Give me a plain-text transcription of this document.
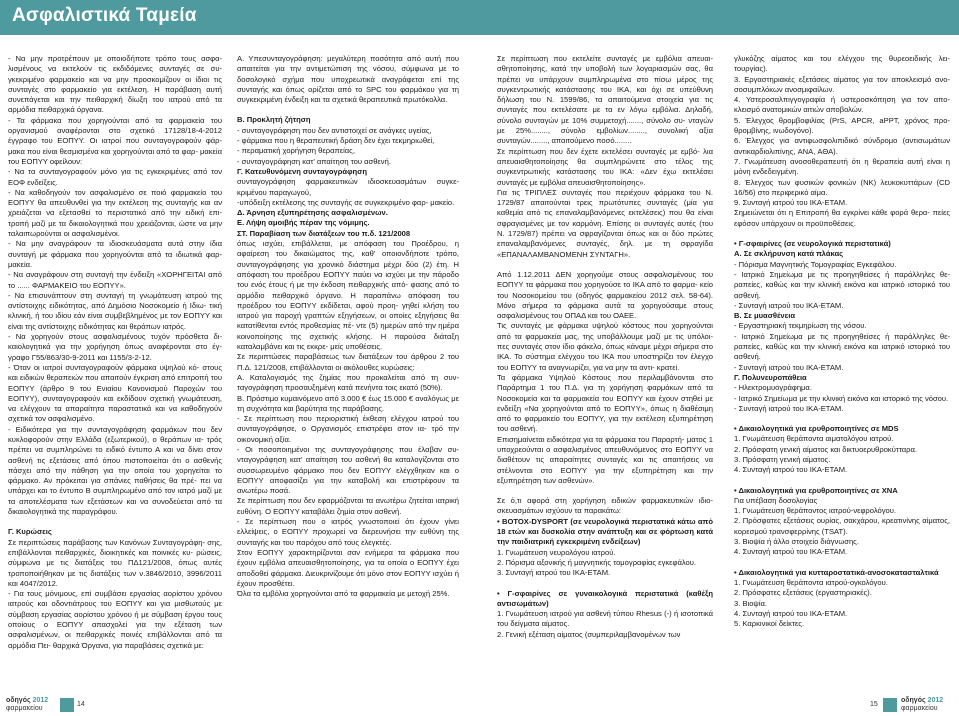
Ασφαλιστικά Ταμεία

- Να μην προτρέπουν με οποιοδήποτε τρόπο τους ασφα- λισμένους να εκτελούν τις εκδιδόμενες συνταγές σε συ- γκεκριμένο φαρμακείο και να μην προσκομίζουν οι ίδιοι τις συνταγές στο φαρμακείο για εκτέλεση. Η παράβαση αυτή συνεπάγεται και την πειθαρχική δίωξη του ιατρού από τα αρμόδια πειθαρχικά όργανα.

- Τα φάρμακα που χορηγούνται από τα φαρμακεία του οργανισμού αναφέρονται στο σχετικό 17128/18-4-2012 έγγραφο του ΕΟΠΥΥ. Οι ιατροί που συνταγογραφούν φάρ- μακα που είναι θεσμισμένα και χορηγούνται από τα φαρ- μακεία του ΕΟΠΥΥ οφείλουν:

- Να τα συνταγογραφούν μόνο για τις εγκεκριμένες από τον ΕΟΦ ενδείξεις.

- Να καθοδηγούν τον ασφαλισμένο σε ποιό φαρμακείο του ΕΟΠΥΥ θα απευθυνθεί για την εκτέλεση της συνταγής και αν χρειάζεται να εξετασθεί το περιστατικό από την ειδική επι- τροπή μαζί με τα δικαιολογητικά που χρειάζονται, ώστε να μην ταλαιπωρούνται οι ασφαλισμένοι.

- Να μην αναγράφουν τα ιδιοσκευάσματα αυτά στην ίδια συνταγή με φάρμακα που χορηγούνται από τα ιδιωτικά φαρ- μακεία.

- Να αναγράφουν στη συνταγή την ένδειξη «ΧΟΡΗΓΕΙΤΑΙ από το ...... ΦΑΡΜΑΚΕΙΟ του ΕΟΠΥΥ».

- Να επισυνάπτουν στη συνταγή τη γνωμάτευση ιατρού της αντίστοιχης ειδικότητας, από Δημόσιο Νοσοκομείο ή Ιδιω- τική κλινική, ή του ιδίου εάν είναι συμβεβλημένος με τον ΕΟΠΥΥ και είναι της αντίστοιχης ειδικότητας και θεράπων ιατρός.

- Να χορηγούν στους ασφαλισμένους τυχόν πρόσθετα δι- καιολογητικά για την χορήγηση όπως αναφέρονται στο έγ- γραφο Γ55/863/30-9-2011 και 1155/3-2-12.

- Όταν οι ιατροί συνταγογραφούν φάρμακα υψηλού κό- στους και ειδικών θεραπειών που απαιτούν έγκριση από επιτροπή του ΕΟΠΥΥ (άρθρο 9 του Ενιαίου Κανονισμού Παροχών του ΕΟΠΥΥ), συνταγογραφούν και εκδίδουν σχετική γνωμάτευση, να ελέγχουν τα απαραίτητα παραστατικά και να καθοδηγούν σχετικά τον ασφαλισμένο.

- Ειδικότερα για την συνταγογράφηση φαρμάκων που δεν κυκλοφορούν στην Ελλάδα (εξωτερικού), ο θεράπων ια- τρός πρέπει να συμπληρώνει το ειδικό έντυπο Α και να δίνει στον ασθενή τις εξετάσεις από όπου πιστοποιείται ότι ο ασθενής πάσχει από την πάθηση για την οποία του χορηγείται το φάρμακο. Αν πρόκειται για σπάνιες παθήσεις θα πρέ- πει να υπάρχει και το έντυπο Β συμπληρωμένο από τον ιατρό μαζί με τα αποτελέσματα των εξετάσεων και να συνοδεύεται από τα δικαιολογητικά της παραγράφου.

Γ. Κυρώσεις

Σε περιπτώσεις παράβασης των Κανόνων Συνταγογράφη- σης, επιβάλλονται πειθαρχικές, διοικητικές και ποινικές κυ- ρώσεις, σύμφωνα με τις διατάξεις του ΠΔ121/2008, όπως αυτές τροποποιήθηκαν με τις διατάξεις των ν.3846/2010, 3996/2011 και 4047/2012.

- Για τους μόνιμους, επί συμβάσει εργασίας αορίστου χρόνου ιατρούς και οδοντιάτρους του ΕΟΠΥΥ και για μισθωτούς με σύμβαση εργασίας αορίστου χρόνου ή με σύμβαση έργου τους οποίους ο ΕΟΠΥΥ απασχολεί για την εξέταση των ασφαλισμένων, οι πειθαρχικές ποινές επιβάλλονται από τα αρμόδια Πει- θαρχικά Όργανα, για παραβάσεις σχετικά με:

Α. Υπεσυνταγογράφηση: μεγαλύτερη ποσότητα από αυτή που απαιτείται για την αντιμετώπιση της νόσου, σύμφωνα με το δοσολογικό σχήμα που υποχρεωτικά αναγράφεται επί της συνταγής και όπως ορίζεται από το SPC του φαρμάκου για τη συγκεκριμένη ένδειξη και τα σχετικά θεραπευτικά πρωτόκολλα.

Β. Προκλητή ζήτηση

- συνταγογράφηση που δεν αντιστοιχεί σε ανάγκες υγείας,

- φάρμακα που η θεραπευτική δράση δεν έχει τεκμηριωθεί,

- περαματική χορήγηση θεραπείας,

- συνταγογράφηση κατ' απαίτηση του ασθενή.

Γ. Κατευθυνόμενη συνταγογράφηση

συνταγογράφηση φαρμακευτικών ιδιοσκευασμάτων συγκε- κριμένου παραγωγού,

-υπόδειξη εκτέλεσης της συνταγής σε συγκεκριμένο φαρ- μακείο.

Δ. Άρνηση εξυπηρέτησης ασφαλισμένων.

Ε. Λήψη αμοιβής πέραν της νόμιμης.

ΣΤ. Παραβίαση των διατάξεων του π.δ. 121/2008

όπως ισχύει, επιβάλλεται, με απόφαση του Προέδρου, η αφαίρεση του δικαιώματος της, καθ' οποιονδήποτε τρόπο, συνταγογράφησης για χρονικό διάστημα μέχρι δύο (2) έτη. Η απόφαση του προέδρου ΕΟΠΥΥ παύει να ισχύει με την πάροδο του ενός έτους ή με την έκδοση πειθαρχικής από- φασης από το αρμόδιο πειθαρχικό όργανο. Η παραπάνω απόφαση του προέδρου του ΕΟΠΥΥ εκδίδεται, αφού προη- γηθεί κλήση του ιατρού για παροχή γραπτών εξηγήσεων, οι οποίες εξηγήσεις θα κατατίθενται εντός προθεσμίας πέ- ντε (5) ημερών από την ημέρα κοινοποίησης της σχετικής κλήσης. Η παρούσα διάταξη καταλαμβάνει και τις εκκρε- μείς υποθέσεις.

Σε περιπτώσεις παραβάσεως των διατάξεων του άρθρου 2 του Π.Δ. 121/2008, επιβάλλονται οι ακόλουθες κυρώσεις:

Α. Καταλογισμός της ζημίας που προκαλείται από τη συν- ταγογράφηση προσαυξημένη κατά πενήντα τοις εκατό (50%).

Β. Πρόστιμο κυμαινόμενο από 3.000 € έως 15.000 € αναλόγως με τη συχνότητα και βαρύτητα της παράβασης.

- Σε περίπτωση που περιοριστική έκθεση ελέγχου ιατρού του συνταγογράφησε, ο Οργανισμός επιστρέφει στον ια- τρό την οικονομική αξία.

- Οι ποσοποιημένοι της συνταγογράφησης που έλαβαν συ- νταγογράφηση κατ' απαίτηση του ασθενή θα καταλογίζονται στο συσσωρευμένο φάρμακο που δεν ΕΟΠΥΥ ελέγχθηκαν και ο ΕΟΠΥΥ αποφασίζει για την καταβολή και επιστρέφουν τα ανωτέρω ποσά.

Σε περίπτωση που δεν εφαρμόζονται τα ανωτέρω ζητείται ιατρική ευθύνη. Ο ΕΟΠΥΥ καταβάλει ζημία στον ασθενή.

- Σε περίπτωση που ο ιατρός γνωστοποιεί ότι έχουν γίνει ελλείψεις, ο ΕΟΠΥΥ προχωρεί να διερευνήσει την ευθύνη της συνταγής και του παρόχου από τους ελεγκτές.

Στον ΕΟΠΥΥ χαρακτηρίζονται σαν ενήμερα τα φάρμακα που έχουν εμβόλια απευαισθητοποίησης, για τα οποία ο ΕΟΠΥΥ έχει αποδοθεί φάρμακα. Διευκρινίζουμε ότι μόνο στον ΕΟΠΥΥ ισχύει ή έχουν προσθέτει.

Όλα τα εμβόλια χορηγούνται από τα φαρμακεία με μετοχή 25%.

Σε περίπτωση που εκτελείτε συνταγές με εμβόλια απευαι- σθητοποίησης, κατά την υποβολή των λογαριασμών σας, θα πρέπει να υπάρχουν συμπληρωμένα στο πίσω μέρος της συγκεντρωτικής κατάστασης του ΙΚΑ, και όχι σε υπεύθυνη δήλωση του Ν. 1599/86, τα απαιτούμενα στοιχεία για τις συνταγές που εκτελέσατε με τα εν λόγω εμβόλια. Δηλαδή, σύνολο συνταγών με 10% συμμετοχή......., σύνολο συ- νταγών με 25%........, σύνολο εμβολίων........, συνολική αξία συνταγών........, απαιτούμενο ποσό........

Σε περίπτωση που δεν έχετε εκτελέσει συνταγές με εμβό- λια απευαισθητοποίησης θα συμπληρώνετε στο τέλος της συγκεντρωτικής κατάστασης του ΙΚΑ: «Δεν έχω εκτελέσει συνταγές με εμβόλια απευαισθητοποίησης».

Για τις ΤΡΙΠΛΕΣ συνταγές που περιέχουν φάρμακα του Ν. 1729/87 απαιτούνται τρεις πρωτότυπες συνταγές (μία για καθεμία από τις επαναλαμβανόμενες εκτελέσεις) που θα είναι σφραγισμένες με τον καρμόνη. Επίσης οι συνταγές αυτές (του Ν. 1729/87) πρέπει να σφραγίζονται όπως και οι δύο πρώτες επαναλαμβανόμενες συνταγές, δηλ. με τη σφραγίδα «ΕΠΑΝΑΛΑΜΒΑΝΟΜΕΝΗ ΣΥΝΤΑΓΗ».

Από 1.12.2011 ΔΕΝ χορηγούμε στους ασφαλισμένους του ΕΟΠΥΥ τα φάρμακα που χορηγούσε το ΙΚΑ από το φαρμα- κείο του Νοσοκομείου του (οδηγός φαρμακείου 2012 σελ. 58-64). Μόνο σήμερα τα φάρμακα αυτά τα χορηγούσαμε στους ασφαλισμένους του ΟΠΑΔ και του ΟΑΕΕ.

Τις συνταγές με φάρμακα υψηλού κόστους που χορηγούνται από τα φαρμακεία μας, της υποβάλλουμε μαζί με τις υπόλοι- πες συνταγές στον ίδιο φάκελο, όπως κάναμε μέχρι σήμερα στο ΙΚΑ. Το σύστημα ελέγχου του ΙΚΑ που υποστηρίζει τον έλεγχο του ΕΟΠΥΥ τα αναγνωρίζει, για να μην τα αντι- κρατεί.

Τα φάρμακα Υψηλού Κόστους που περιλαμβάνονται στο Παράρτημα 1 του Π.Δ. για τη χορήγηση φαρμάκων από τα Νοσοκομεία και τα φαρμακεία του ΕΟΠΥΥ και έχουν στηθεί με ενδείξη «Να χορηγούνται από το ΕΟΠΥΥ», όπως η διαθέσιμη από το φαρμακείο του ΕΟΠΥΥ, για την εκτέλεση εξυπηρέτηση του ασθενή.

Επισημαίνεται ειδικότερα για τα φάρμακα του Παραρτή- ματος 1 υποχρεούνται ο ασφαλισμένος απευθυνόμενος στο ΕΟΠΥΥ να διαθέτουν τις απαραίτητες συνταγές και τις απαιτήσεις να στέλνονται στο ΕΟΠΥΥ για την εξυπηρέτηση και την εξυπηρέτηση των ασθενών».

Σε ό,τι αφορά στη χορήγηση ειδικών φαρμακευτικών ιδιο- σκευασμάτων ισχύουν τα παρακάτω:

• BOTOX-DYSPORT (σε νευρολογικά περιστατικά κάτω από 18 ετών και δυσκολία στην ανάπτυξη και σε φόρτωση κατά την παιδιατρική εγκεκριμένη ενδείξεων)

1. Γνωμάτευση νευρολόγου ιατρού.

2. Πόρισμα αξονικής ή μαγνητικής τομογραφίας εγκεφάλου.

3. Συνταγή ιατρού του ΙΚΑ-ΕΤΑΜ.

• Γ-σφαιρίνες σε γυναικολογικά περιστατικά (καθέξη αντισωμάτων)

1. Γνωμάτευση ιατρού για ασθενή τύπου Rhesus (-) ή ισοτοπικά του δείγματα αίματος.

2. Γενική εξέταση αίματος (συμπεριλαμβανομένων των

γλυκόζης αίματος και του ελέγχου της θυρεοειδικής λει- τουργίας).

3. Εργαστηριακές εξετάσεις αίματος για τον αποκλεισμό ανο- σοσυμπλόκων ανοσμιφαίλων.

4. Υστεροσαλπιγγογραφία ή υστεροσκόπηση για τον απο- κλεισμό ανατομικών αιτιών αποβολών.

5. Έλεγχος θρομβοφιλίας (PrS, APCR, aPPT, χρόνος προ- θρομβίνης, ινωδογόνο).

6. Έλεγχος για αντιφωσφολιπιδικό σύνδρομο (αντισωμάτων αντικαρδιολιπίνης, ANA, ΑΘΑ).

7. Γνωμάτευση ανοσοθεραπευτή ότι η θεραπεία αυτή είναι η μόνη ενδεδειγμένη.

8. Έλεγχος των φυσικών φονικών (NK) λευκοκυττάρων (CD 16/56) στο περιφερικό αίμα.

9. Συνταγή ιατρού του ΙΚΑ-ΕΤΑΜ.

Σημειώνεται ότι η Επιτροπή θα εγκρίνει κάθε φορά θερα- πείες εφόσον υπάρχουν οι προϋποθέσεις.

• Γ-σφαιρίνες (σε νευρολογικά περιστατικά)

Α. Σε σκλήρυνση κατά πλάκας

- Πόρισμα Μαγνητικής Τομογραφίας Εγκεφάλου.

- Ιατρικό Σημείωμα με τις προηγηθείσες ή παράλληλες θε- ραπείες, καθώς και την κλινική εικόνα και ιατρικό ιστορικό του ασθενή.

- Συνταγή ιατρού του ΙΚΑ-ΕΤΑΜ.

Β. Σε μυασθένεια

- Εργαστηριακή τεκμηρίωση της νόσου.

- Ιατρικό Σημείωμα με τις προηγηθείσες ή παράλληλες θε- ραπείες, καθώς και την κλινική εικόνα και ιατρικό ιστορικό του ασθενή.

- Συνταγή ιατρού του ΙΚΑ-ΕΤΑΜ.

Γ. Πολυνευροπάθεια

- Ηλεκτρομυογράφημα.

- Ιατρικό Σημείωμα με την κλινική εικόνα και ιστορικό της νόσου.

- Συνταγή ιατρού του ΙΚΑ-ΕΤΑΜ.

• Δικαιολογητικά για ερυθροποιητίνες σε MDS

1. Γνωμάτευση θεράποντα αιματολόγου ιατρού.

2. Πρόσφατη γενική αίματος και δικτυοερυθροκύτταρα.

3. Πρόσφατη γενική αίματος.

4. Συνταγή ιατρού του ΙΚΑ-ΕΤΑΜ.

• Δικαιολογητικά για ερυθροποιητίνες σε ΧΝΑ

Για υπέβαση δοσολογίας

1. Γνωμάτευση θεράποντος ιατρού-νεφρολόγου.

2. Πρόσφατες εξετάσεις ουρίας, σακχάρου, κρεατινίνης αίματος, κορεσμού τρανσφερρίνης (TSAT).

3. Βιοψία ή άλλο στοιχείο διάγνωσης.

4. Συνταγή ιατρού του ΙΚΑ-ΕΤΑΜ.

• Δικαιολογητικά για κυτταροστατικά-ανοσοκατασταλτικά

1. Γνωμάτευση θεράποντα ιατρού-ογκολόγου.

2. Πρόσφατες εξετάσεις (εργαστηριακές).

3. Βιοψία.

4. Συνταγή ιατρού του ΙΚΑ-ΕΤΑΜ.

5. Καρκινικοί δείκτες.

οδηγός 2012
φαρμακείου
14	15
οδηγός 2012
φαρμακείου
